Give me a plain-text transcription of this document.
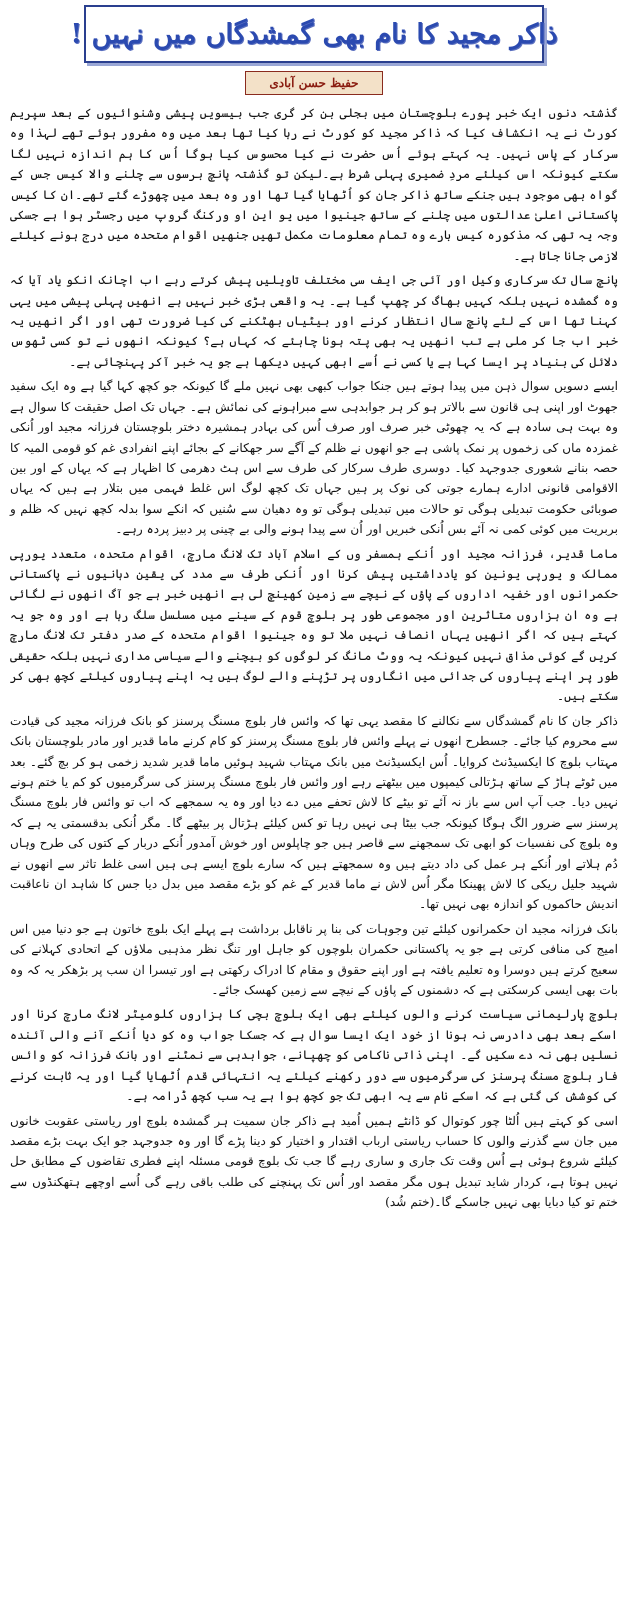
ذاکر مجید کا نام بھی گمشدگاں میں نہیں !
حفیظ حسن آبادی

گذشتہ دنوں ایک خبر پورے بلوچستان میں بجلی بن کر گری جب بیسویں پیشی وشنوائیوں کے بعد سپریم کورٹ نے یہ انکشاف کیا کہ ذاکر مجید کو کورٹ نے رہا کیا تھا بعد میں وہ مفرور ہوئے تھے لہذا وہ سرکار کے پاس نہیں۔ یہ کہتے ہوئے اُس حضرت نے کیا محسوس کیا ہوگا اُس کا ہم اندازہ نہیں لگا سکتے کیونکہ اس کیلئے مردِ ضمیری پہلی شرط ہے۔لیکن تو گذشتہ پانچ برسوں سے چلنے والا کیس جس کے گواہ بھی موجود ہیں جنکے ساتھ ذاکر جان کو اُٹھایا گیا تھا اور وہ بعد میں چھوڑے گئے تھے۔ان کا کیس پاکستانی اعلیٰ عدالتوں میں چلنے کے ساتھ جینیوا میں یو این او ورکنگ گروپ میں رجسٹر ہوا ہے جسکی وجہ یہ تھی کہ مذکورہ کیس بارے وہ تمام معلومات مکمل تھیں جنھیں اقوام متحدہ میں درج ہونے کیلئے لازمی جانا جاتا ہے۔

پانچ سال تک سرکاری وکیل اور آئی جی ایف سی مختلف تاویلیں پیش کرتے رہے اب اچانک انکو یاد آیا کہ وہ گمشدہ نہیں بلکہ کہیں بھاگ کر چھپ گیا ہے۔ یہ واقعی بڑی خبر نہیں ہے انھیں پہلی پیشی میں یہی کہنا تھا اس کے لئے پانچ سال انتظار کرنے اور بیٹیاں بھٹکنے کی کیا ضرورت تھی اور اگر انھیں یہ خبر اب جا کر ملی ہے تب انھیں یہ بھی پتہ ہونا چاہئے کہ کہاں ہے؟ کیونکہ انھوں نے تو کسی ٹھوس دلائل کی بنیاد پر ایسا کہا ہے یا کسی نے اُسے ابھی کہیں دیکھا ہے جو یہ خبر آکر پہنچائی ہے۔

ایسے دسویں سوال ذہن میں پیدا ہوتے ہیں جنکا جواب کبھی بھی نہیں ملے گا کیونکہ جو کچھ کہا گیا ہے وہ ایک سفید جھوٹ اور اپنی ہی قانون سے بالاتر ہو کر ہر جوابدہی سے مبراہونے کی نمائش ہے۔ جہاں تک اصل حقیقت کا سوال ہے وہ بہت ہی سادہ ہے کہ یہ چھوٹی خبر صرف اور صرف اُس کی بہادر ہمشیرہ دختر بلوچستان فرزانہ مجید اور اُنکی غمزدہ ماں کی زخموں پر نمک پاشی ہے جو انھوں نے ظلم کے آگے سر جھکانے کے بجائے اپنے انفرادی غم کو قومی المیہ کا حصہ بنانے شعوری جدوجہد کیا۔ دوسری طرف سرکار کی طرف سے اس ہٹ دھرمی کا اظہار ہے کہ یہاں کے اور بین الاقوامی قانونی ادارے ہمارے جوتی کی نوک پر ہیں جہاں تک کچھ لوگ اس غلط فہمی میں بتلار ہے ہیں کہ یہاں صوبائی حکومت تبدیلی ہوگی تو حالات میں تبدیلی ہوگی تو وہ دھیان سے سُنیں کہ انکے سوا بدلہ کچھ نہیں کہ ظلم و بربریت میں کوئی کمی نہ آئے بس اُنکی خبریں اور اُن سے پیدا ہونے والی بے چینی پر دبیز پردہ رہے۔

ماما قدیر، فرزانہ مجید اور اُنکے ہمسفر وں کے اسلام آباد تک لانگ مارچ، اقوام متحدہ، متعدد یورپی ممالک و یورپی یونین کو یادداشتیں پیش کرنا اور اُنکی طرف سے مدد کی یقین دہانیوں نے پاکستانی حکمرانوں اور خفیہ اداروں کے پاؤں کے نیچے سے زمین کھینچ لی ہے انھیں خبر ہے جو آگ انھوں نے لگائی ہے وہ ان ہزاروں متاثرین اور مجموعی طور پر بلوچ قوم کے سینے میں مسلسل سلگ رہا ہے اور وہ جو یہ کہتے ہیں کہ اگر انھیں یہاں انصاف نہیں ملا تو وہ جینیوا اقوام متحدہ کے صدر دفتر تک لانگ مارچ کریں گے کوئی مذاق نہیں کیونکہ یہ ووٹ مانگ کر لوگوں کو بیچنے والے سیاسی مداری نہیں بلکہ حقیقی طور پر اپنے پیاروں کی جدائی میں انگاروں پر تڑپنے والے لوگ ہیں یہ اپنے پیاروں کیلئے کچھ بھی کر سکتے ہیں۔

ذاکر جان کا نام گمشدگاں سے نکالنے کا مقصد یہی تھا کہ وائس فار بلوچ مسنگ پرسنز کو بانک فرزانہ مجید کی قیادت سے محروم کیا جائے۔ جسطرح انھوں نے پہلے وائس فار بلوچ مسنگ پرسنز کو کام کرنے ماما قدیر اور مادر بلوچستان بانک مہتاب بلوچ کا ایکسیڈنٹ کروایا۔ اُس ایکسیڈنٹ میں بانک مہتاب شہید ہوئیں ماما قدیر شدید زخمی ہو کر بچ گئے۔ بعد میں ٹوٹے ہاڑ کے ساتھ ہڑتالی کیمپوں میں بیٹھتے رہے اور وائس فار بلوچ مسنگ پرسنز کی سرگرمیوں کو کم یا ختم ہونے نہیں دیا۔ جب آپ اس سے باز نہ آئے تو بیٹے کا لاش تحفے میں دے دیا اور وہ یہ سمجھے کہ اب تو وائس فار بلوچ مسنگ پرسنز سے ضرور الگ ہوگا کیونکہ جب بیٹا ہی نہیں رہا تو کس کیلئے ہڑتال پر بیٹھے گا۔ مگر اُنکی بدقسمتی یہ ہے کہ وہ بلوچ کی نفسیات کو ابھی تک سمجھنے سے قاصر ہیں جو چاپلوس اور خوش آمدور اُنکے دربار کے کتوں کی طرح وہاں دُم ہلاتے اور اُنکے ہر عمل کی داد دیتے ہیں وہ سمجھتے ہیں کہ سارے بلوچ ایسے ہی ہیں اسی غلط تاثر سے انھوں نے شہید جلیل ریکی کا لاش پھینکا مگر اُس لاش نے ماما قدیر کے غم کو بڑے مقصد میں بدل دیا جس کا شاہد ان ناعاقبت اندیش حاکموں کو اندازہ بھی نہیں تھا۔

بانک فرزانہ مجید ان حکمرانوں کیلئے تین وجوہات کی بنا پر ناقابل برداشت ہے پہلے ایک بلوچ خاتون ہے جو دنیا میں اس امیج کی منافی کرتی ہے جو یہ پاکستانی حکمران بلوچوں کو جاہل اور تنگ نظر مذہبی ملاؤں کے اتحادی کہلانے کی سعیج کرتے ہیں دوسرا وہ تعلیم یافتہ ہے اور اپنے حقوق و مقام کا ادراک رکھتی ہے اور تیسرا ان سب پر بڑھکر یہ کہ وہ بات بھی ایسی کرسکتی ہے کہ دشمنوں کے پاؤں کے نیچے سے زمین کھسک جائے۔

بلوچ پارلیمانی سیاست کرنے والوں کیلئے بھی ایک بلوچ بچی کا ہزاروں کلومیٹر لانگ مارچ کرنا اور اسکے بعد بھی دادرسی نہ ہونا از خود ایک ایسا سوال ہے کہ جسکا جواب وہ کو دیا اُنکے آنے والی آئندہ نسلیں بھی نہ دے سکیں گے۔ اپنی ذاتی ناکامی کو چھپانے، جوابدہی سے نمٹنے اور بانک فرزانہ کو وائس فار بلوچ مسنگ پرسنز کی سرگرمیوں سے دور رکھنے کیلئے یہ انتہائی قدم اُٹھایا گیا اور یہ ثابت کرنے کی کوشش کی گئی ہے کہ اسکے نام سے یہ ابھی تک جو کچھ ہوا ہے یہ سب کچھ ڈرامہ ہے۔

اسی کو کہتے ہیں اُلٹا چور کوتوال کو ڈانٹے ہمیں اُمید ہے ذاکر جان سمیت ہر گمشدہ بلوچ اور ریاستی عقوبت خانوں میں جان سے گذرنے والوں کا حساب ریاستی ارباب اقتدار و اختیار کو دینا پڑے گا اور وہ جدوجہد جو ایک بہت بڑے مقصد کیلئے شروع ہوئی ہے اُس وقت تک جاری و ساری رہے گا جب تک بلوچ قومی مسئلہ اپنے فطری تقاضوں کے مطابق حل نہیں ہوتا ہے، کردار شاید تبدیل ہوں مگر مقصد اور اُس تک پہنچنے کی طلب باقی رہے گی اُسے اوچھے ہتھکنڈوں سے ختم تو کیا دبایا بھی نہیں جاسکے گا۔(ختم شُد)
